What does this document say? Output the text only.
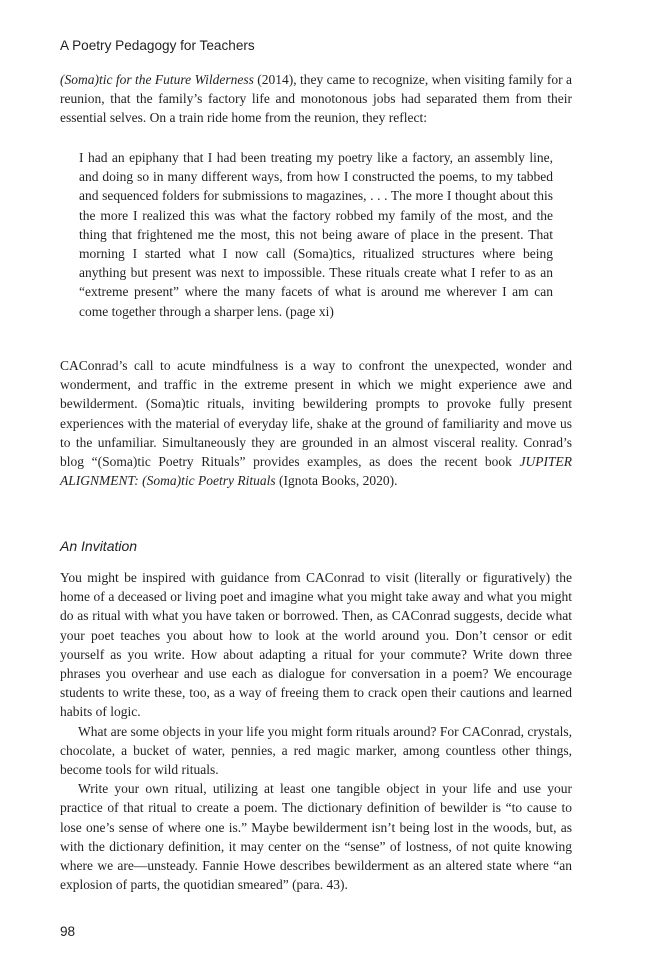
A Poetry Pedagogy for Teachers

(Soma)tic for the Future Wilderness (2014), they came to recognize, when visiting family for a reunion, that the family’s factory life and monotonous jobs had separated them from their essential selves. On a train ride home from the reunion, they reflect:

I had an epiphany that I had been treating my poetry like a factory, an assembly line, and doing so in many different ways, from how I constructed the poems, to my tabbed and sequenced folders for submissions to magazines, . . . The more I thought about this the more I realized this was what the factory robbed my family of the most, and the thing that frightened me the most, this not being aware of place in the present. That morning I started what I now call (Soma)tics, ritualized structures where being anything but present was next to impossible. These rituals create what I refer to as an “extreme present” where the many facets of what is around me wherever I am can come together through a sharper lens. (page xi)

CAConrad’s call to acute mindfulness is a way to confront the unexpected, wonder and wonderment, and traffic in the extreme present in which we might experience awe and bewilderment. (Soma)tic rituals, inviting bewildering prompts to provoke fully present experiences with the material of everyday life, shake at the ground of familiarity and move us to the unfamiliar. Simultaneously they are grounded in an almost visceral reality. Conrad’s blog “(Soma)tic Poetry Rituals” provides examples, as does the recent book JUPITER ALIGNMENT: (Soma)tic Poetry Rituals (Ignota Books, 2020).

An Invitation

You might be inspired with guidance from CAConrad to visit (literally or figuratively) the home of a deceased or living poet and imagine what you might take away and what you might do as ritual with what you have taken or borrowed. Then, as CAConrad suggests, decide what your poet teaches you about how to look at the world around you. Don’t censor or edit yourself as you write. How about adapting a ritual for your commute? Write down three phrases you overhear and use each as dialogue for conversation in a poem? We encourage students to write these, too, as a way of freeing them to crack open their cautions and learned habits of logic.

What are some objects in your life you might form rituals around? For CAConrad, crystals, chocolate, a bucket of water, pennies, a red magic marker, among countless other things, become tools for wild rituals.

Write your own ritual, utilizing at least one tangible object in your life and use your practice of that ritual to create a poem. The dictionary definition of bewilder is “to cause to lose one’s sense of where one is.” Maybe bewilderment isn’t being lost in the woods, but, as with the dictionary definition, it may center on the “sense” of lostness, of not quite knowing where we are—unsteady. Fannie Howe describes bewilderment as an altered state where “an explosion of parts, the quotidian smeared” (para. 43).

98
